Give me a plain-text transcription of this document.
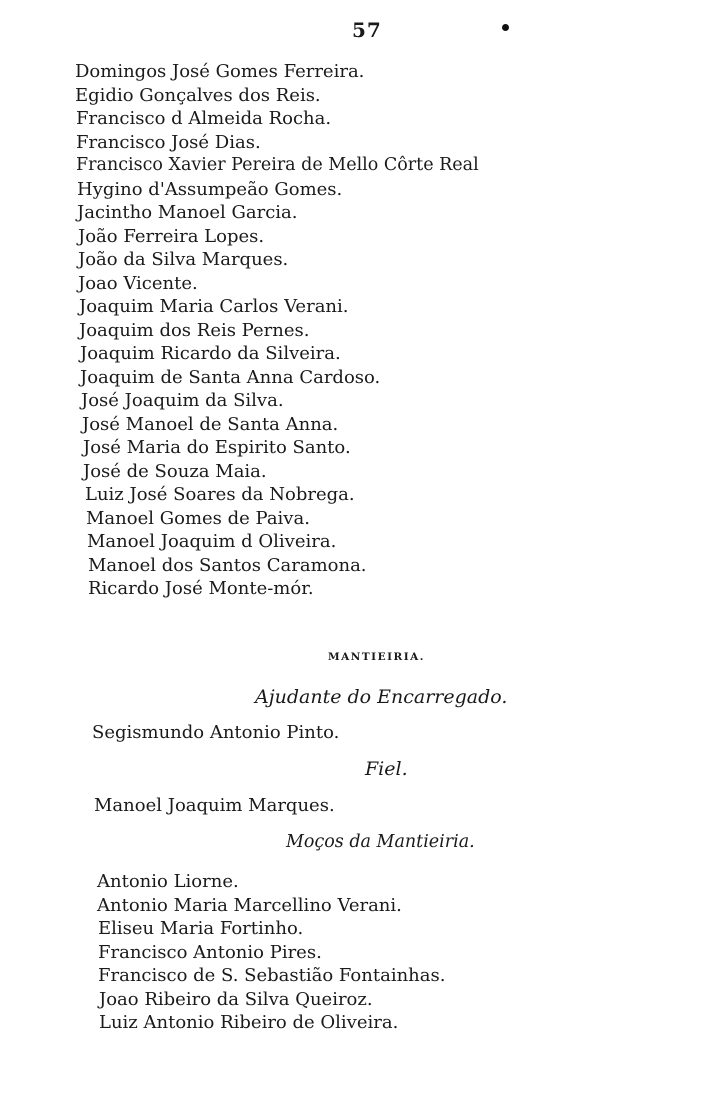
57
Domingos José Gomes Ferreira.
Egidio Gonçalves dos Reis.
Francisco d Almeida Rocha.
Francisco José Dias.
Francisco Xavier Pereira de Mello Côrte Real
Hygino d'Assumpeão Gomes.
Jacintho Manoel Garcia.
João Ferreira Lopes.
João da Silva Marques.
Joao Vicente.
Joaquim Maria Carlos Verani.
Joaquim dos Reis Pernes.
Joaquim Ricardo da Silveira.
Joaquim de Santa Anna Cardoso.
José Joaquim da Silva.
José Manoel de Santa Anna.
José Maria do Espirito Santo.
José de Souza Maia.
Luiz José Soares da Nobrega.
Manoel Gomes de Paiva.
Manoel Joaquim d Oliveira.
Manoel dos Santos Caramona.
Ricardo José Monte-mór.
MANTIEIRIA.
Ajudante do Encarregado.
Segismundo Antonio Pinto.
Fiel.
Manoel Joaquim Marques.
Moços da Mantieiria.
Antonio Liorne.
Antonio Maria Marcellino Verani.
Eliseu Maria Fortinho.
Francisco Antonio Pires.
Francisco de S. Sebastião Fontainhas.
Joao Ribeiro da Silva Queiroz.
Luiz Antonio Ribeiro de Oliveira.
